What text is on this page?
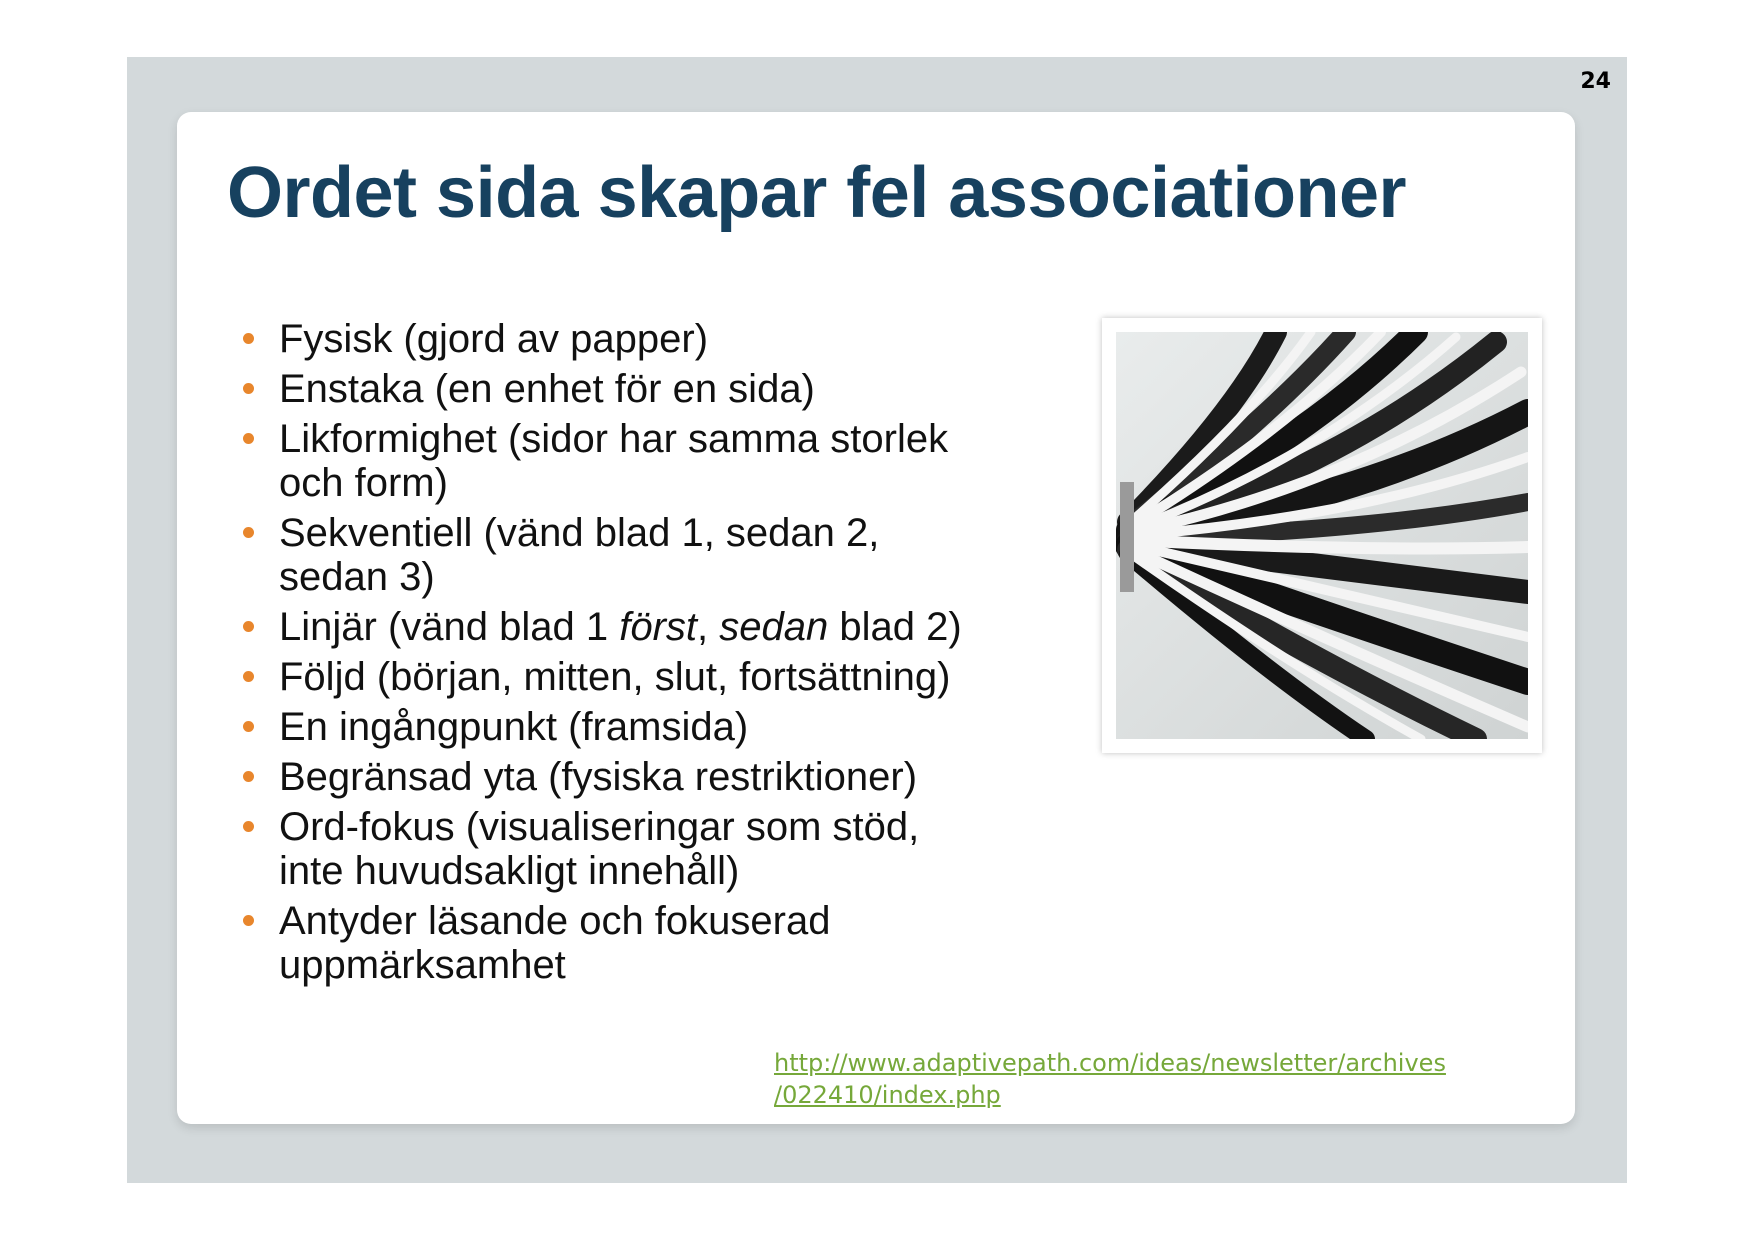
24
Ordet sida skapar fel associationer
Fysisk (gjord av papper)
Enstaka (en enhet för en sida)
Likformighet (sidor har samma storlek
och form)
Sekventiell (vänd blad 1, sedan 2,
sedan 3)
Linjär (vänd blad 1 först, sedan blad 2)
Följd (början, mitten, slut, fortsättning)
En ingångpunkt (framsida)
Begränsad yta (fysiska restriktioner)
Ord-fokus (visualiseringar som stöd,
inte huvudsakligt innehåll)
Antyder läsande och fokuserad
uppmärksamhet
http://www.adaptivepath.com/ideas/newsletter/archives
/022410/index.php
